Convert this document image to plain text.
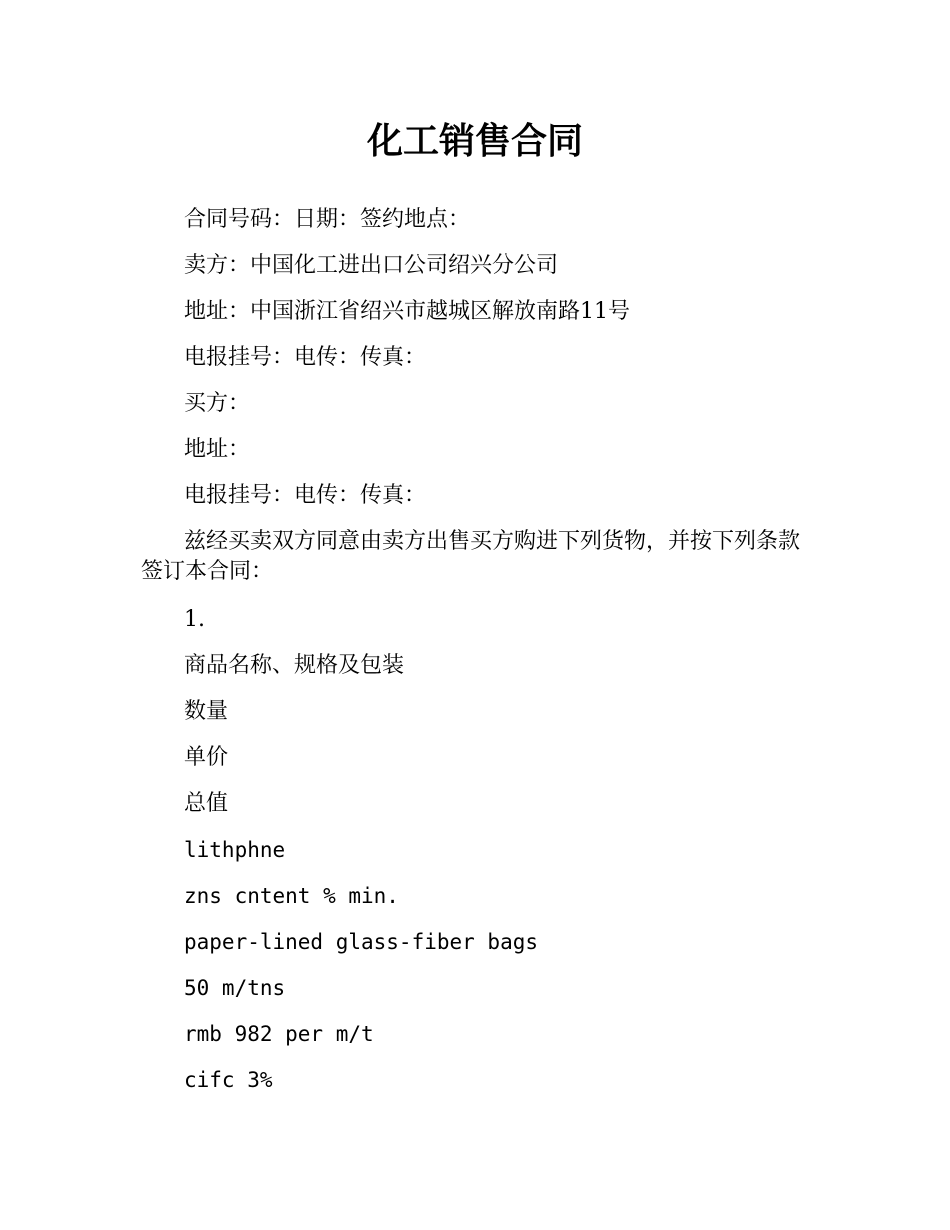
化工销售合同

合同号码：日期：签约地点：

卖方：中国化工进出口公司绍兴分公司

地址：中国浙江省绍兴市越城区解放南路11号

电报挂号：电传：传真：

买方：

地址：

电报挂号：电传：传真：

兹经买卖双方同意由卖方出售买方购进下列货物，并按下列条款签订本合同：

1.

商品名称、规格及包装

数量

单价

总值

lithphne

zns cntent % min.

paper-lined glass-fiber bags

50 m/tns

rmb 982 per m/t

cifc 3%
